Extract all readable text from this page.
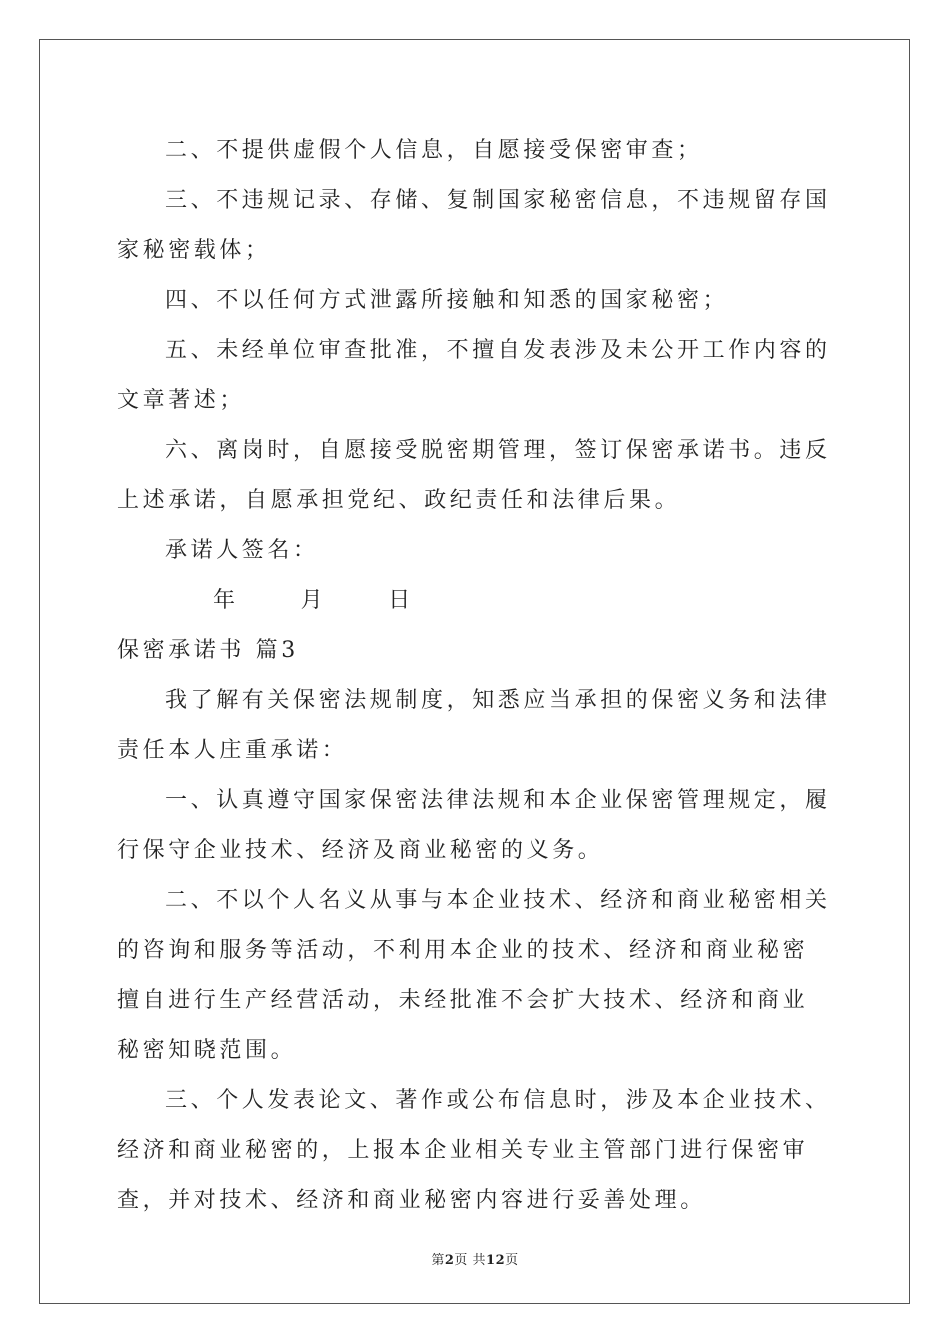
二、不提供虚假个人信息，自愿接受保密审查；

三、不违规记录、存储、复制国家秘密信息，不违规留存国家秘密载体；

四、不以任何方式泄露所接触和知悉的国家秘密；

五、未经单位审查批准，不擅自发表涉及未公开工作内容的文章著述；

六、离岗时，自愿接受脱密期管理，签订保密承诺书。违反上述承诺，自愿承担党纪、政纪责任和法律后果。

承诺人签名：

年	月	日

保密承诺书 篇3

我了解有关保密法规制度，知悉应当承担的保密义务和法律责任本人庄重承诺：

一、认真遵守国家保密法律法规和本企业保密管理规定，履行保守企业技术、经济及商业秘密的义务。

二、不以个人名义从事与本企业技术、经济和商业秘密相关的咨询和服务等活动，不利用本企业的技术、经济和商业秘密擅自进行生产经营活动，未经批准不会扩大技术、经济和商业秘密知晓范围。

三、个人发表论文、著作或公布信息时，涉及本企业技术、经济和商业秘密的，上报本企业相关专业主管部门进行保密审查，并对技术、经济和商业秘密内容进行妥善处理。

第2页 共12页
